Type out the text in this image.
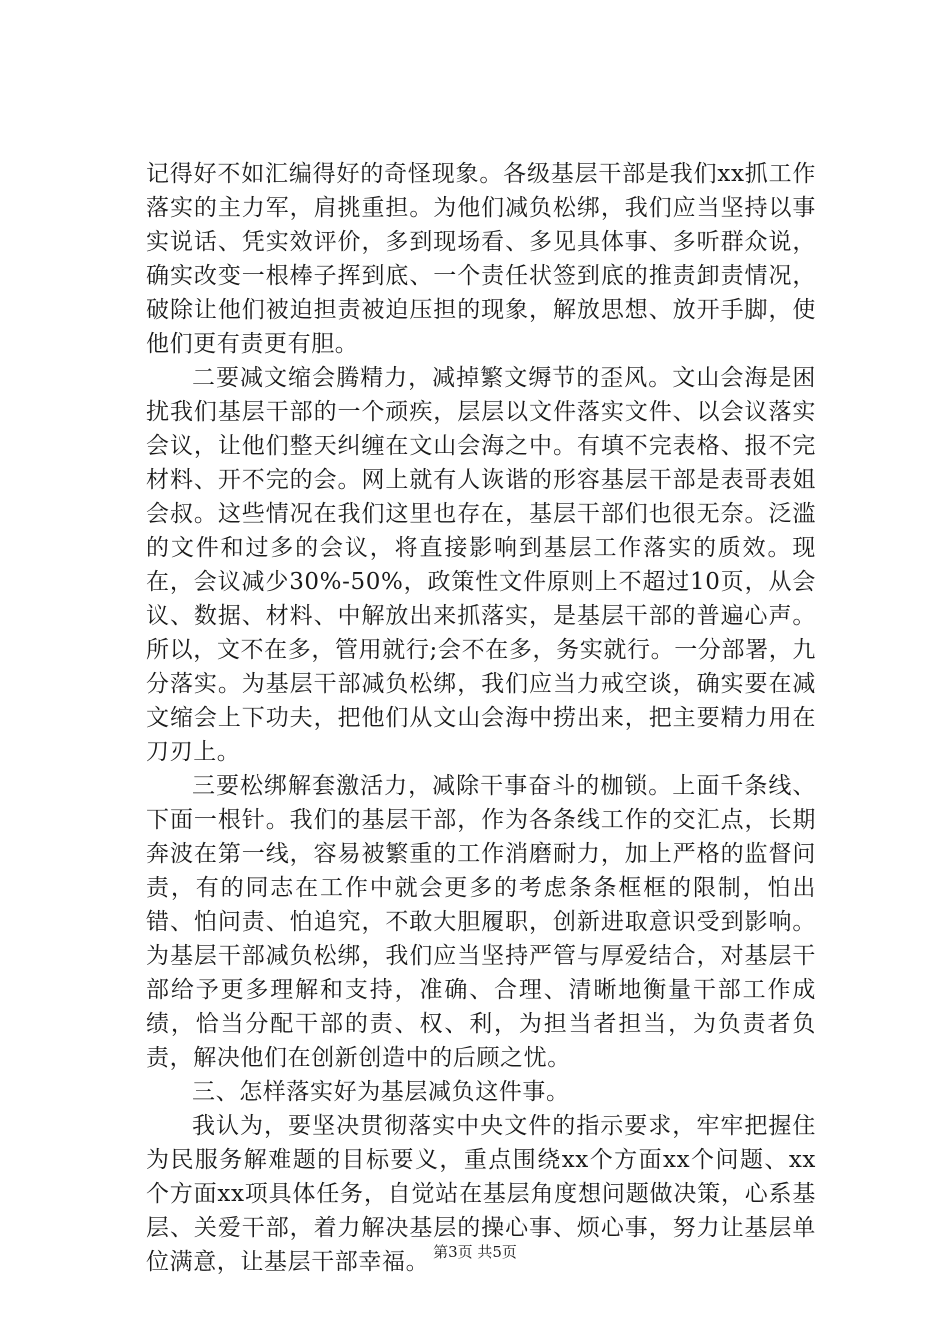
记得好不如汇编得好的奇怪现象。各级基层干部是我们xx抓工作落实的主力军，肩挑重担。为他们减负松绑，我们应当坚持以事实说话、凭实效评价，多到现场看、多见具体事、多听群众说，确实改变一根棒子挥到底、一个责任状签到底的推责卸责情况，破除让他们被迫担责被迫压担的现象，解放思想、放开手脚，使他们更有责更有胆。

二要减文缩会腾精力，减掉繁文缛节的歪风。文山会海是困扰我们基层干部的一个顽疾，层层以文件落实文件、以会议落实会议，让他们整天纠缠在文山会海之中。有填不完表格、报不完材料、开不完的会。网上就有人诙谐的形容基层干部是表哥表姐会叔。这些情况在我们这里也存在，基层干部们也很无奈。泛滥的文件和过多的会议，将直接影响到基层工作落实的质效。现在，会议减少30%-50%，政策性文件原则上不超过10页，从会议、数据、材料、中解放出来抓落实，是基层干部的普遍心声。所以，文不在多，管用就行;会不在多，务实就行。一分部署，九分落实。为基层干部减负松绑，我们应当力戒空谈，确实要在减文缩会上下功夫，把他们从文山会海中捞出来，把主要精力用在刀刃上。

三要松绑解套激活力，减除干事奋斗的枷锁。上面千条线、下面一根针。我们的基层干部，作为各条线工作的交汇点，长期奔波在第一线，容易被繁重的工作消磨耐力，加上严格的监督问责，有的同志在工作中就会更多的考虑条条框框的限制，怕出错、怕问责、怕追究，不敢大胆履职，创新进取意识受到影响。为基层干部减负松绑，我们应当坚持严管与厚爱结合，对基层干部给予更多理解和支持，准确、合理、清晰地衡量干部工作成绩，恰当分配干部的责、权、利，为担当者担当，为负责者负责，解决他们在创新创造中的后顾之忧。

三、怎样落实好为基层减负这件事。

我认为，要坚决贯彻落实中央文件的指示要求，牢牢把握住为民服务解难题的目标要义，重点围绕xx个方面xx个问题、xx个方面xx项具体任务，自觉站在基层角度想问题做决策，心系基层、关爱干部，着力解决基层的操心事、烦心事，努力让基层单位满意，让基层干部幸福。 第3页 共5页
